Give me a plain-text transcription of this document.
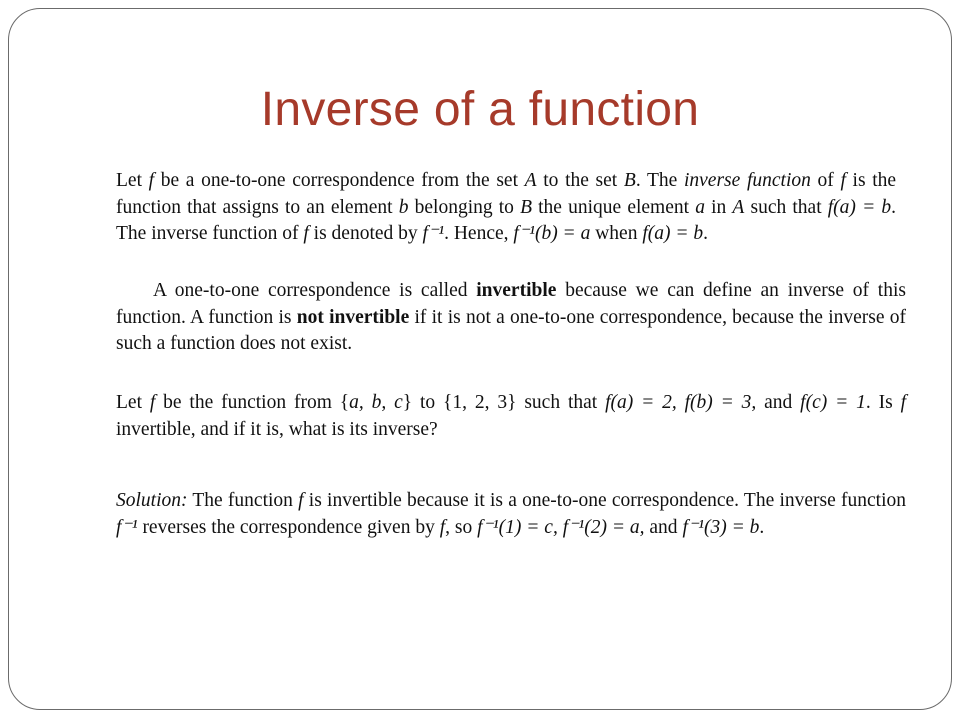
Inverse of a function

Let f be a one-to-one correspondence from the set A to the set B. The inverse function of f is the function that assigns to an element b belonging to B the unique element a in A such that f(a) = b. The inverse function of f is denoted by f⁻¹. Hence, f⁻¹(b) = a when f(a) = b.

A one-to-one correspondence is called invertible because we can define an inverse of this function. A function is not invertible if it is not a one-to-one correspondence, because the inverse of such a function does not exist.

Let f be the function from {a, b, c} to {1, 2, 3} such that f(a) = 2, f(b) = 3, and f(c) = 1. Is f invertible, and if it is, what is its inverse?

Solution: The function f is invertible because it is a one-to-one correspondence. The inverse function f⁻¹ reverses the correspondence given by f, so f⁻¹(1) = c, f⁻¹(2) = a, and f⁻¹(3) = b.
